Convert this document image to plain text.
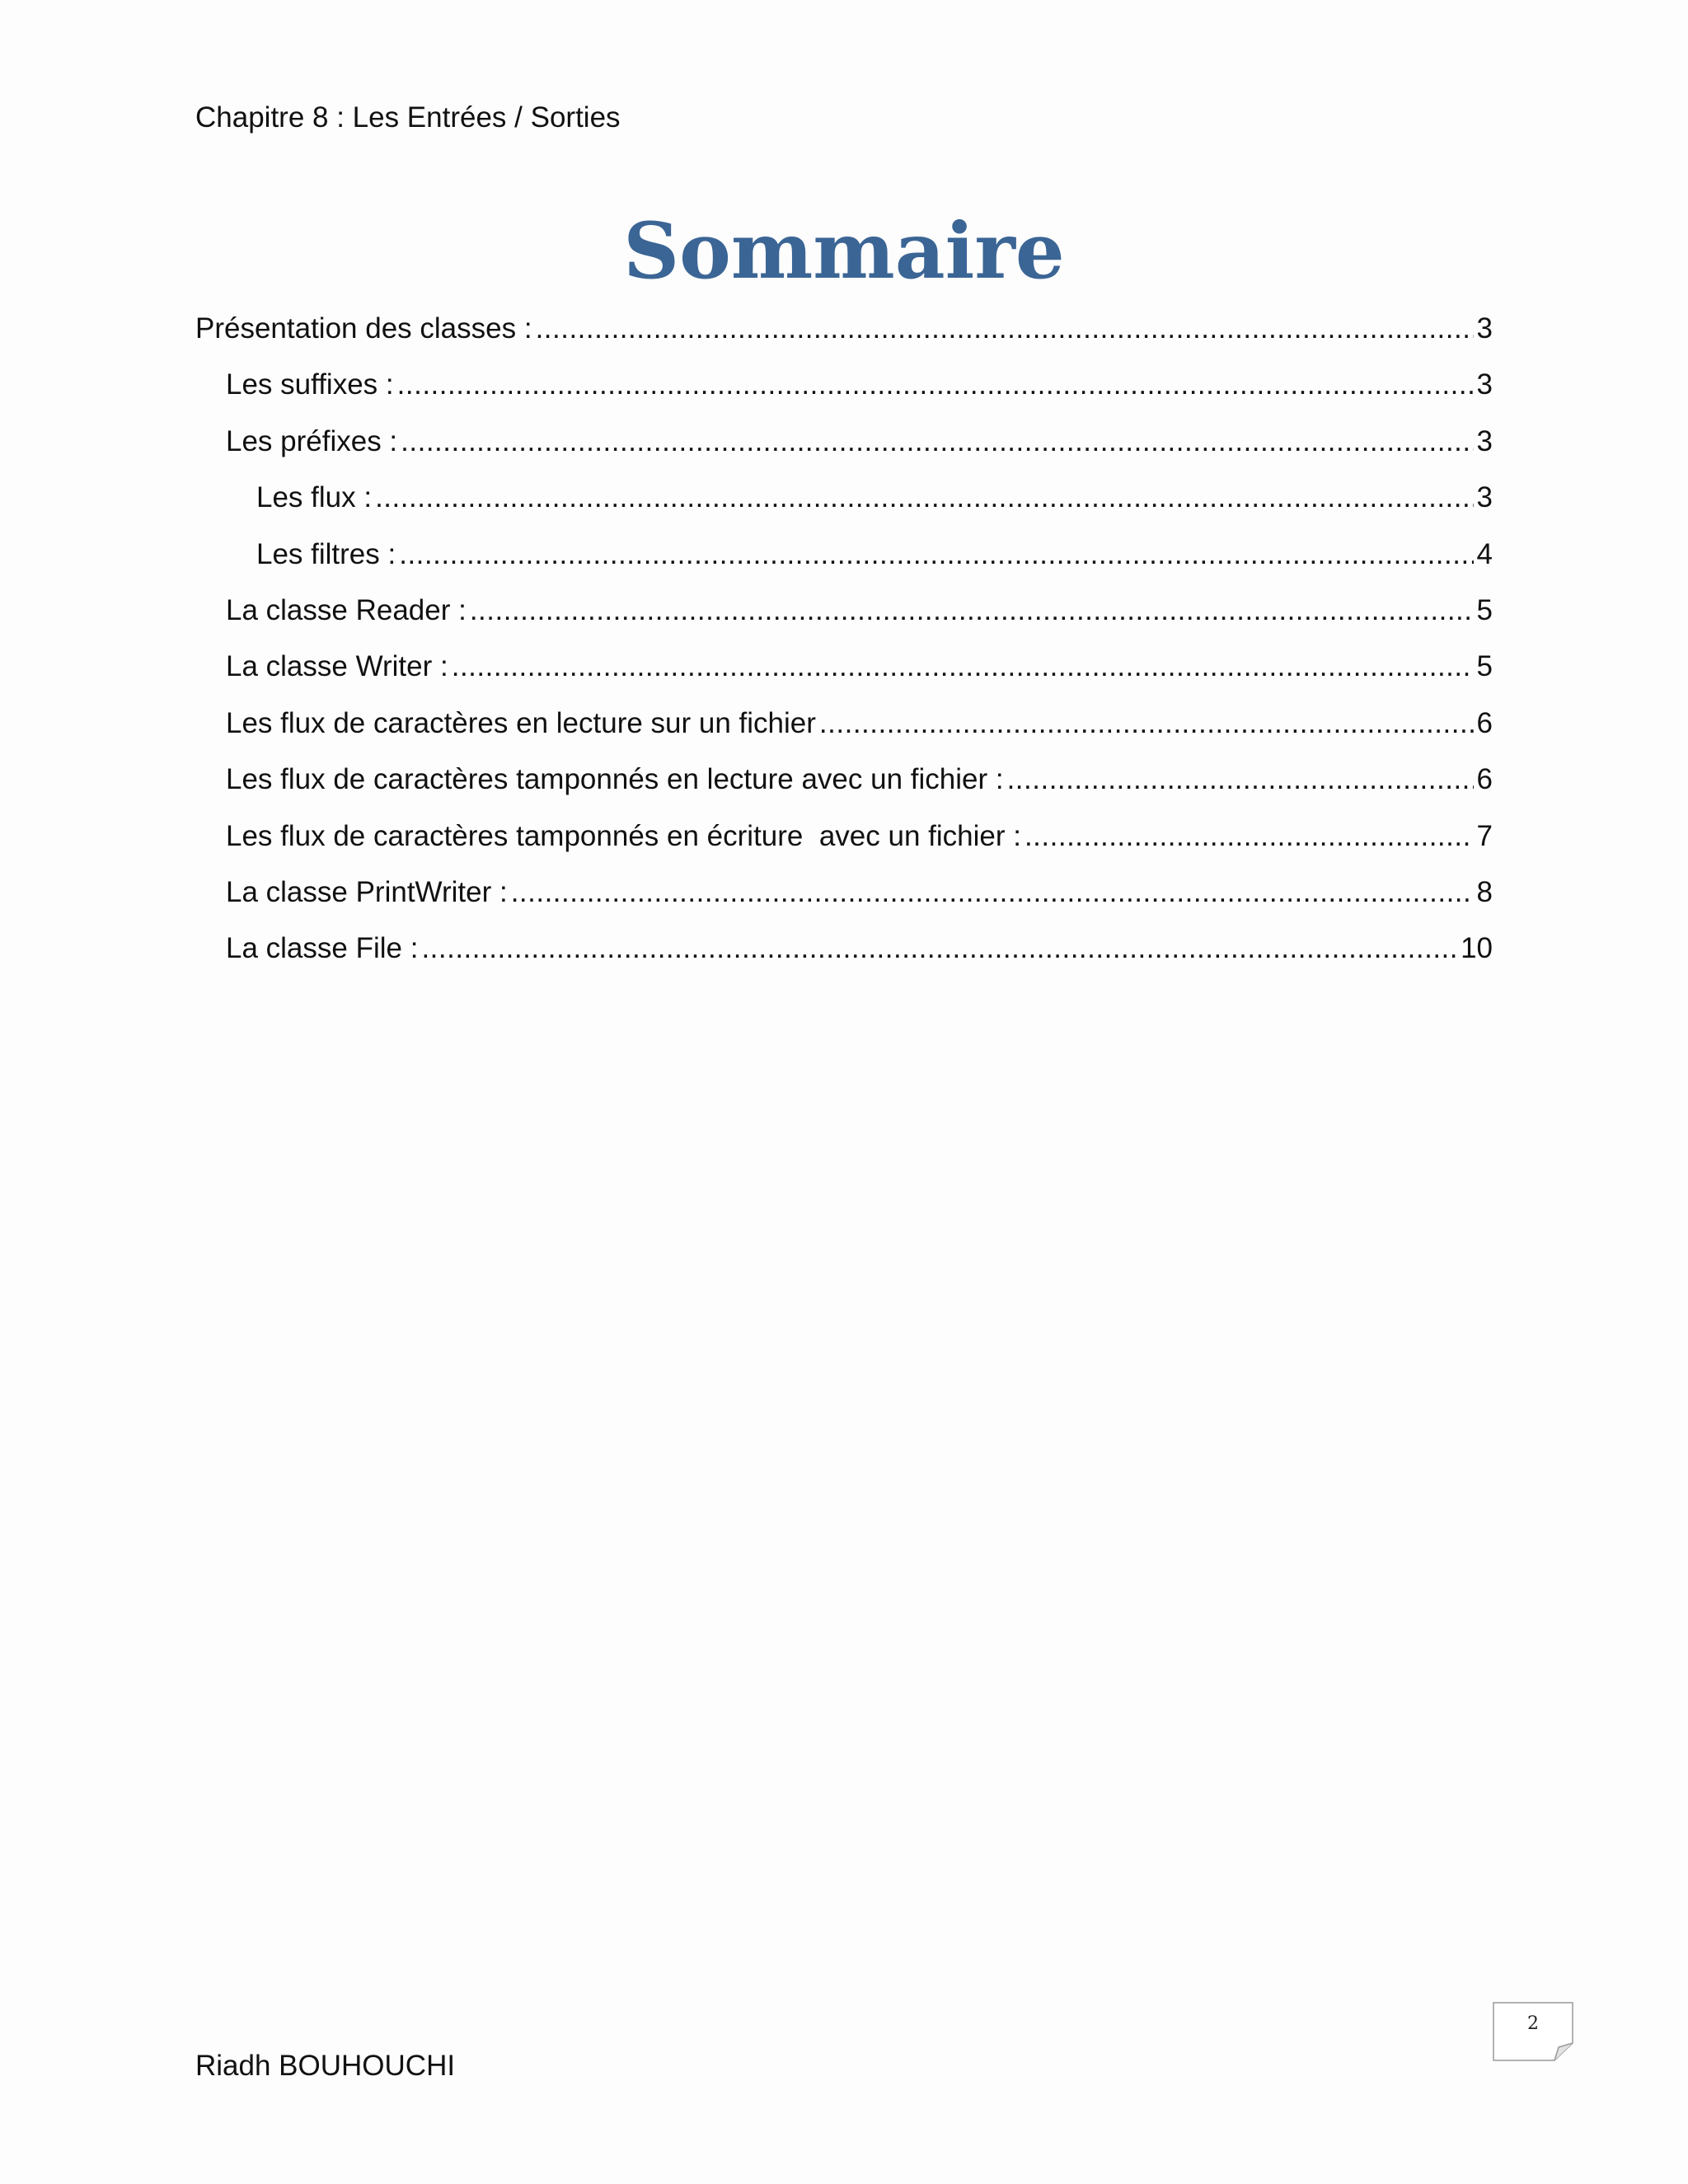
Chapitre 8 : Les Entrées / Sorties
Sommaire
Présentation des classes : .....	3
Les suffixes : .....	3
Les préfixes : .....	3
Les flux : .....	3
Les filtres : .....	4
La classe Reader : .....	5
La classe Writer : .....	5
Les flux de caractères en lecture sur un fichier .....	6
Les flux de caractères tamponnés en lecture avec un fichier : .....	6
Les flux de caractères tamponnés en écriture  avec un fichier : .....	7
La classe PrintWriter : .....	8
La classe File : .....	10
Riadh BOUHOUCHI
2
